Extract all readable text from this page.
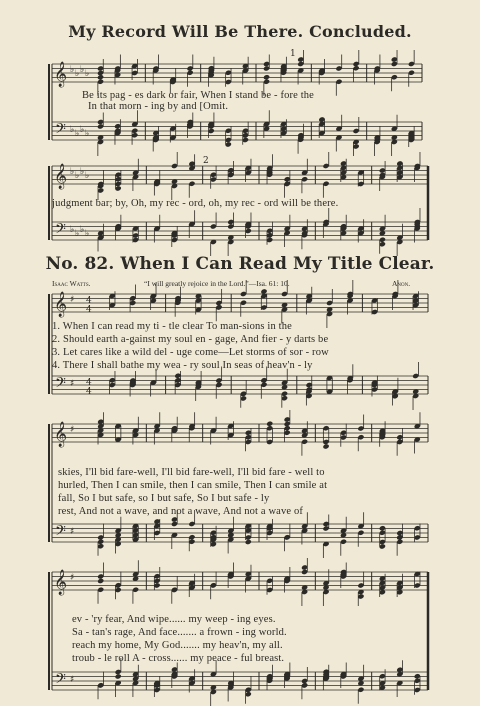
My Record Will Be There. Concluded.
𝄞
𝄢
♭
♭
♭
♭
♭
♭
♭
♭
𝄞
𝄢
♭
♭
♭
♭
♭
♭
♭
♭
1
2
𝄞
𝄢
♯
♯
4
4
4
4
𝄞
𝄢
♯
♯
𝄞
𝄢
♯
♯
Be its pag - es dark or fair, When I stand be - fore the
In that morn - ing by and [Omit.
judgment bar; by, Oh, my rec - ord, oh, my rec - ord will be there.
No. 82. When I Can Read My Title Clear.
Isaac Watts.	“I will greatly rejoice in the Lord.”—Isa. 61: 10.	Anon.
1. When I can read my ti - tle clear To man-sions in the
2. Should earth a-gainst my soul en - gage, And fier - y darts be
3. Let cares like a wild del - uge come—Let storms of sor - row
4. There I shall bathe my wea - ry soul In seas of heav'n - ly
skies, I'll bid fare-well, I'll bid fare-well, I'll bid fare - well to
hurled, Then I can smile, then I can smile, Then I can smile at
fall, So I but safe, so I but safe, So I but safe - ly
rest, And not a wave, and not a wave, And not a wave of
ev - 'ry fear, And wipe...... my weep - ing eyes.
Sa - tan's rage, And face....... a frown - ing world.
reach my home, My God....... my heav'n, my all.
troub - le roll A - cross...... my peace - ful breast.
